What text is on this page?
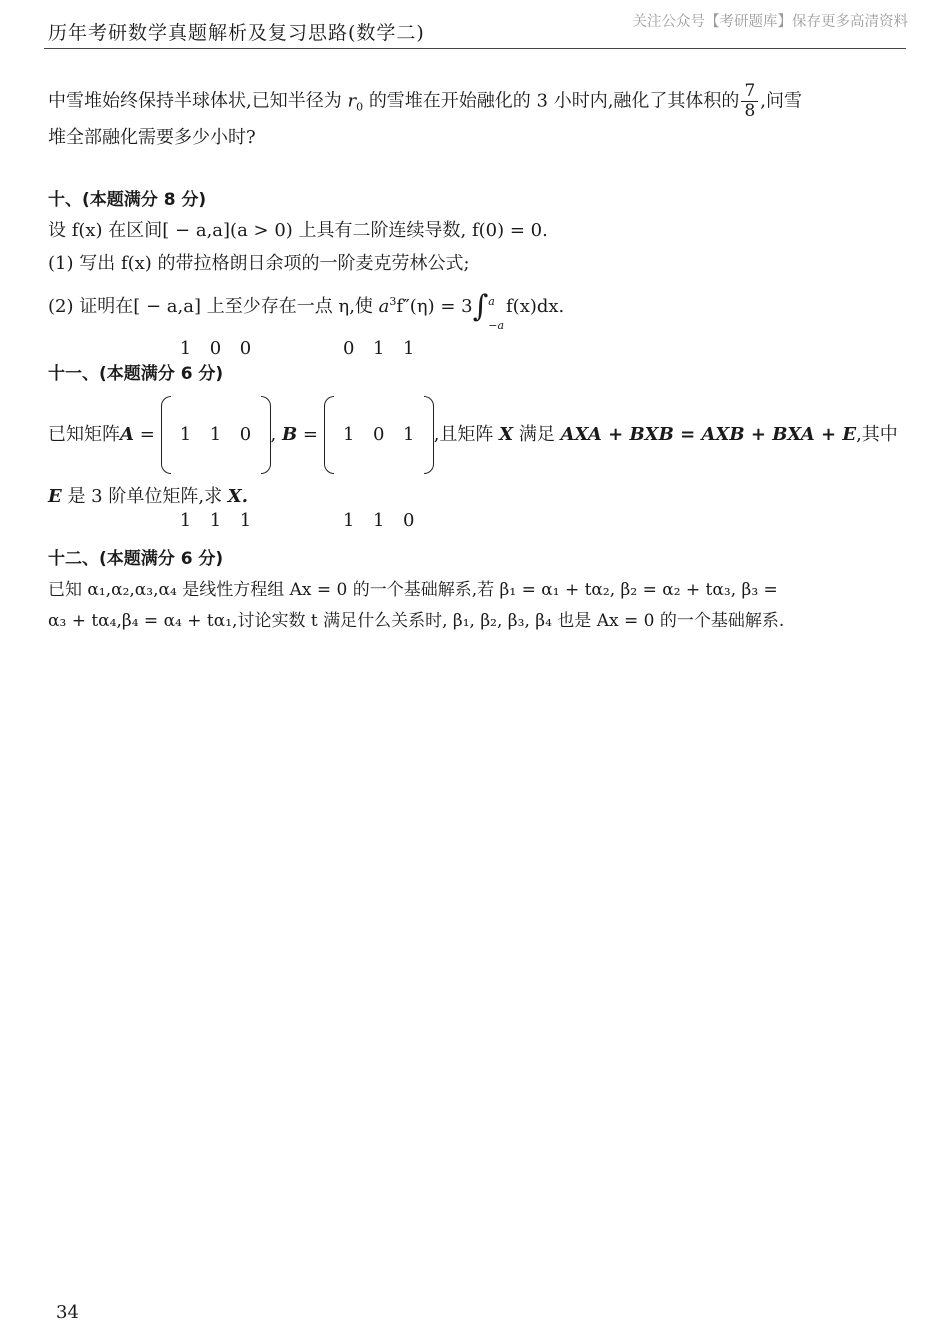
历年考研数学真题解析及复习思路(数学二)	关注公众号【考研题库】保存更多高清资料
中雪堆始终保持半球体状,已知半径为 $r_0$ 的雪堆在开始融化的 3 小时内,融化了其体积的 $\frac{7}{8}$ ,问雪
堆全部融化需要多少小时?
十、(本题满分 8 分)
设 f(x) 在区间[ − a,a](a > 0) 上具有二阶连续导数, f(0) = 0.
(1) 写出 f(x) 的带拉格朗日余项的一阶麦克劳林公式;
(2) 证明在[ − a,a] 上至少存在一点 η,使 $a^3f''(\eta) = 3$ ∫ a
−a
f(x)dx.
十一、(本题满分 6 分)
已知矩阵 A =
1	0	0
1	1	0
1	1	1
, B =
0	1	1
1	0	1
1	1	0
,且矩阵 X 满足 AXA + BXB = AXB + BXA + E ,其中
E 是 3 阶单位矩阵,求 X.
十二、(本题满分 6 分)
已知 α₁,α₂,α₃,α₄ 是线性方程组 Ax = 0 的一个基础解系,若 β₁ = α₁ + tα₂, β₂ = α₂ + tα₃, β₃ =
α₃ + tα₄,β₄ = α₄ + tα₁,讨论实数 t 满足什么关系时, β₁, β₂, β₃, β₄ 也是 Ax = 0 的一个基础解系.
34
